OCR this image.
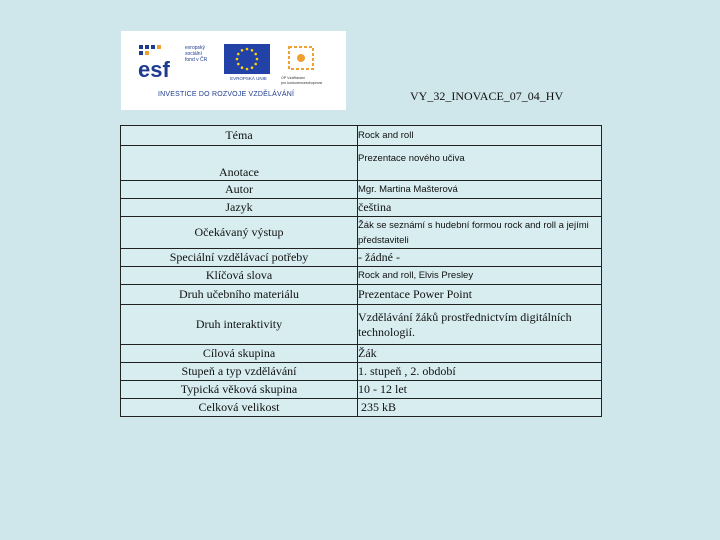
esf
evropský
sociální
fond v ČR
EVROPSKÁ UNIE	OP Vzdělávání
pro konkurenceschopnost
INVESTICE DO ROZVOJE VZDĚLÁVÁNÍ	VY_32_INOVACE_07_04_HV
Téma	Rock and roll

Anotace	Prezentace nového učiva

Autor	Mgr. Martina Mašterová

Jazyk	čeština

Očekávaný výstup	Žák se seznámí s hudební formou rock and roll a jejími představiteli

Speciální vzdělávací potřeby	- žádné -

Klíčová slova	Rock and roll, Elvis Presley

Druh učebního materiálu	Prezentace Power Point

Druh interaktivity	Vzdělávání žáků prostřednictvím digitálních technologií.

Cílová skupina	Žák

Stupeň a typ vzdělávání	1. stupeň , 2. období

Typická věková skupina	10 - 12 let

Celková velikost	235 kB
